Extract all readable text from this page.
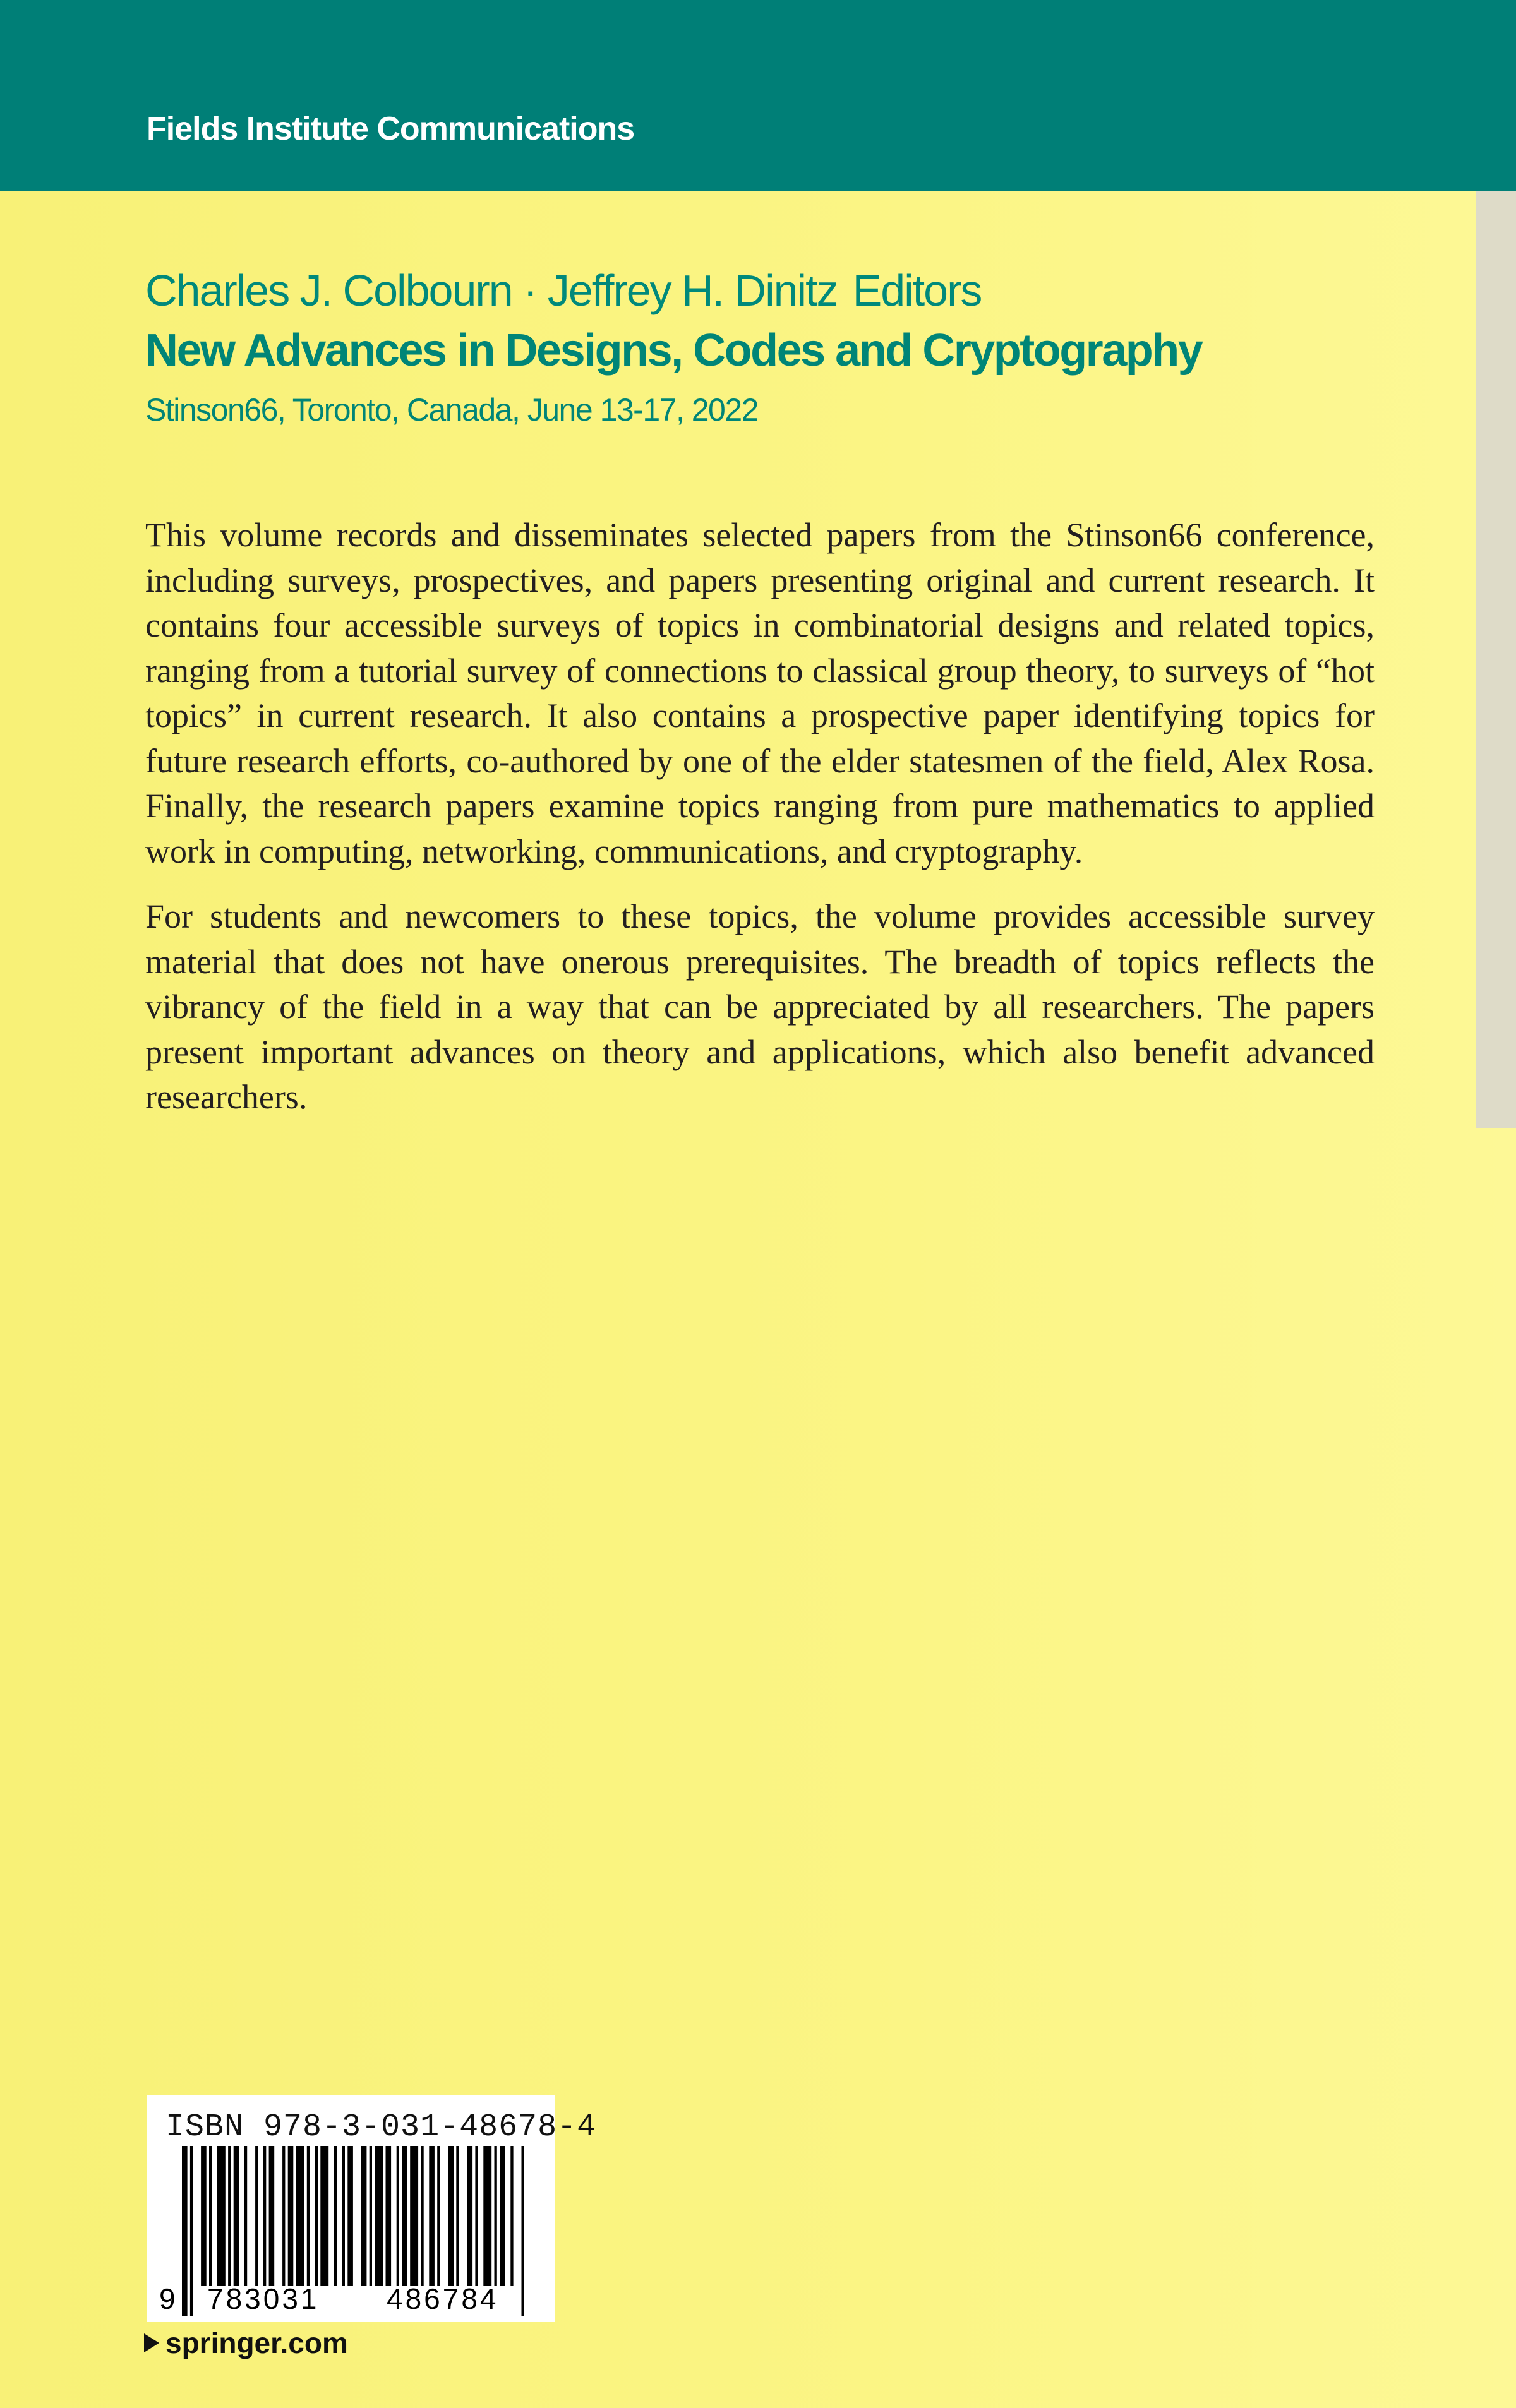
Fields Institute Communications
Charles J. Colbourn · Jeffrey H. Dinitz Editors
New Advances in Designs, Codes and Cryptography
Stinson66, Toronto, Canada, June 13-17, 2022

This volume records and disseminates selected papers from the Stinson66 conference, including surveys, prospectives, and papers presenting original and current research. It contains four accessible surveys of topics in combinatorial designs and related topics, ranging from a tutorial survey of connections to classical group theory, to surveys of “hot topics” in current research. It also contains a prospective paper identifying topics for future research efforts, co-authored by one of the elder statesmen of the field, Alex Rosa. Finally, the research papers examine topics ranging from pure mathematics to applied work in computing, networking, communications, and cryptography.

For students and newcomers to these topics, the volume provides accessible survey material that does not have onerous prerequisites. The breadth of topics reflects the vibrancy of the field in a way that can be appreciated by all researchers. The papers present important advances on theory and applications, which also benefit advanced researchers.

ISBN 978-3-031-48678-4
9 783031 486784
springer.com
